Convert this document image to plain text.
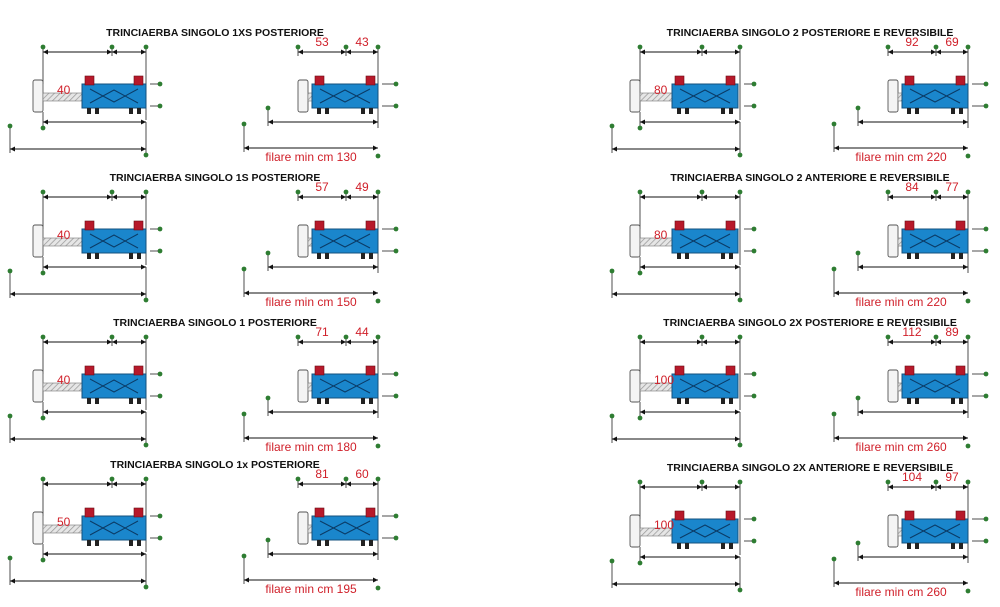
TRINCIAERBA SINGOLO 1XS POSTERIORE
40
53 43
filare min cm 130
TRINCIAERBA SINGOLO 1S POSTERIORE
40
57 49
filare min cm 150
TRINCIAERBA SINGOLO 1 POSTERIORE
40
71 44
filare min cm 180
TRINCIAERBA SINGOLO 1x POSTERIORE
50
81 60
filare min cm 195
TRINCIAERBA SINGOLO 2 POSTERIORE E REVERSIBILE
80
92 69
filare min cm 220
TRINCIAERBA SINGOLO 2 ANTERIORE E REVERSIBILE
80
84 77
filare min cm 220
TRINCIAERBA SINGOLO 2X POSTERIORE E REVERSIBILE
100
112 89
filare min cm 260
TRINCIAERBA SINGOLO 2X ANTERIORE E REVERSIBILE
100
104 97
filare min cm 260
